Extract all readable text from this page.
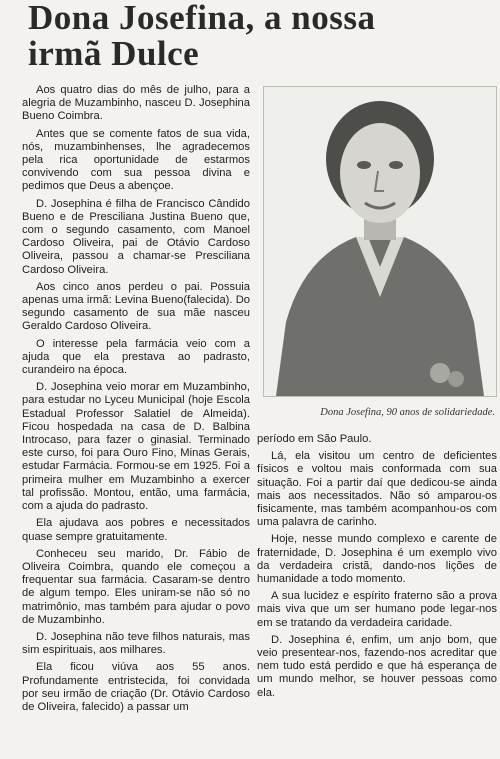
Dona Josefina, a nossa
irmã Dulce

Aos quatro dias do mês de julho, para a alegria de Muzambinho, nasceu D. Josephina Bueno Coimbra.

Antes que se comente fatos de sua vida, nós, muzambinhenses, lhe agradecemos pela rica oportunidade de estarmos convivendo com sua pessoa divina e pedimos que Deus a abençoe.

D. Josephina é filha de Francisco Cândido Bueno e de Presciliana Justina Bueno que, com o segundo casamento, com Manoel Cardoso Oliveira, pai de Otávio Cardoso Oliveira, passou a chamar-se Presciliana Cardoso Oliveira.

Aos cinco anos perdeu o pai. Possuia apenas uma irmã: Levina Bueno(falecida). Do segundo casamento de sua mãe nasceu Geraldo Cardoso Oliveira.

O interesse pela farmácia veio com a ajuda que ela prestava ao padrasto, curandeiro na época.

D. Josephina veio morar em Muzambinho, para estudar no Lyceu Municipal (hoje Escola Estadual Professor Salatiel de Almeida). Ficou hospedada na casa de D. Balbina Introcaso, para fazer o ginasial. Terminado este curso, foi para Ouro Fino, Minas Gerais, estudar Farmácia. Formou-se em 1925. Foi a primeira mulher em Muzambinho a exercer tal profissão. Montou, então, uma farmácia, com a ajuda do padrasto.

Ela ajudava aos pobres e necessitados quase sempre gratuitamente.

Conheceu seu marido, Dr. Fábio de Oliveira Coimbra, quando ele começou a frequentar sua farmácia. Casaram-se dentro de algum tempo. Eles uniram-se não só no matrimônio, mas também para ajudar o povo de Muzambinho.

D. Josephina não teve filhos naturais, mas sim espirituais, aos milhares.

Ela ficou viúva aos 55 anos. Profundamente entristecida, foi convidada por seu irmão de criação (Dr. Otávio Cardoso de Oliveira, falecido) a passar um

Dona Josefina, 90 anos de solidariedade.

período em São Paulo.

Lá, ela visitou um centro de deficientes físicos e voltou mais conformada com sua situação. Foi a partir daí que dedicou-se ainda mais aos necessitados. Não só amparou-os fisicamente, mas também acompanhou-os com uma palavra de carinho.

Hoje, nesse mundo complexo e carente de fraternidade, D. Josephina é um exemplo vivo da verdadeira cristã, dando-nos lições de humanidade a todo momento.

A sua lucidez e espírito fraterno são a prova mais viva que um ser humano pode legar-nos em se tratando da verdadeira caridade.

D. Josephina é, enfim, um anjo bom, que veio presentear-nos, fazendo-nos acreditar que nem tudo está perdido e que há esperança de um mundo melhor, se houver pessoas como ela.
